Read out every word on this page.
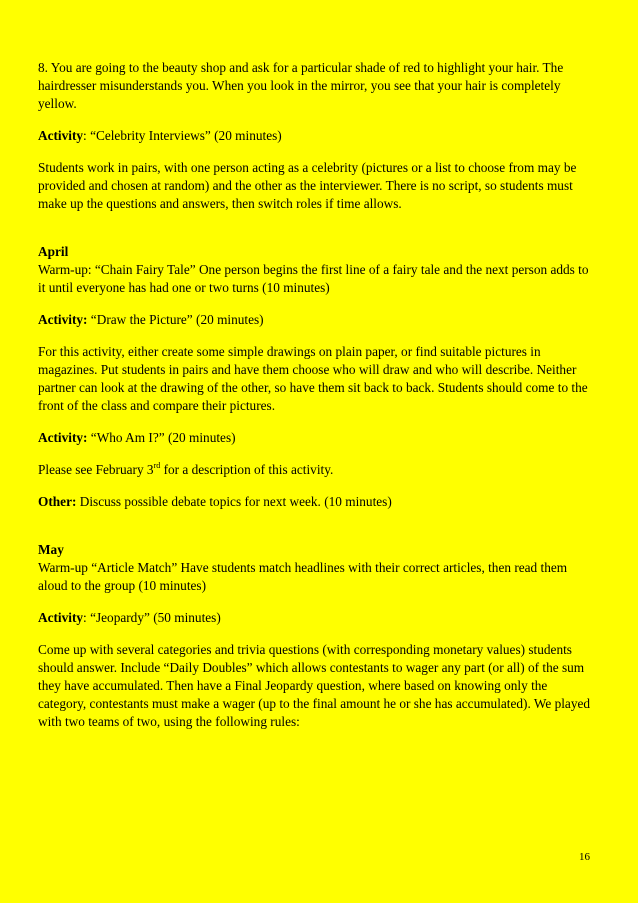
8. You are going to the beauty shop and ask for a particular shade of red to highlight your hair. The hairdresser misunderstands you. When you look in the mirror, you see that your hair is completely yellow.

Activity: “Celebrity Interviews” (20 minutes)

Students work in pairs, with one person acting as a celebrity (pictures or a list to choose from may be provided and chosen at random) and the other as the interviewer. There is no script, so students must make up the questions and answers, then switch roles if time allows.

April
Warm-up: “Chain Fairy Tale” One person begins the first line of a fairy tale and the next person adds to it until everyone has had one or two turns (10 minutes)

Activity: “Draw the Picture” (20 minutes)

For this activity, either create some simple drawings on plain paper, or find suitable pictures in magazines. Put students in pairs and have them choose who will draw and who will describe. Neither partner can look at the drawing of the other, so have them sit back to back. Students should come to the front of the class and compare their pictures.

Activity: “Who Am I?” (20 minutes)

Please see February 3rd for a description of this activity.

Other: Discuss possible debate topics for next week. (10 minutes)

May
Warm-up “Article Match” Have students match headlines with their correct articles, then read them aloud to the group (10 minutes)

Activity: “Jeopardy” (50 minutes)

Come up with several categories and trivia questions (with corresponding monetary values) students should answer. Include “Daily Doubles” which allows contestants to wager any part (or all) of the sum they have accumulated. Then have a Final Jeopardy question, where based on knowing only the category, contestants must make a wager (up to the final amount he or she has accumulated). We played with two teams of two, using the following rules:

16
